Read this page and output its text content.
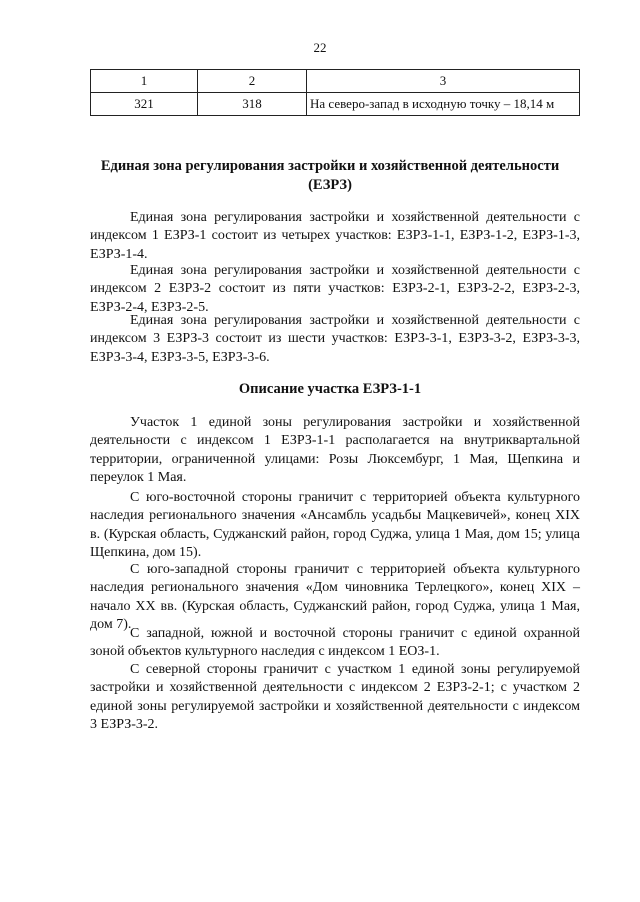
22
1	2	3
321	318	На северо-запад в исходную точку – 18,14 м
Единая зона регулирования застройки и хозяйственной деятельности
(ЕЗРЗ)

Единая зона регулирования застройки и хозяйственной деятельности с индексом 1 ЕЗРЗ-1 состоит из четырех участков: ЕЗРЗ-1-1, ЕЗРЗ-1-2, ЕЗРЗ-1-3, ЕЗРЗ-1-4.

Единая зона регулирования застройки и хозяйственной деятельности с индексом 2 ЕЗРЗ-2 состоит из пяти участков: ЕЗРЗ-2-1, ЕЗРЗ-2-2, ЕЗРЗ-2-3, ЕЗРЗ-2-4, ЕЗРЗ-2-5.

Единая зона регулирования застройки и хозяйственной деятельности с индексом 3 ЕЗРЗ-3 состоит из шести участков: ЕЗРЗ-3-1, ЕЗРЗ-3-2, ЕЗРЗ-3-3, ЕЗРЗ-3-4, ЕЗРЗ-3-5, ЕЗРЗ-3-6.

Описание участка ЕЗРЗ-1-1

Участок 1 единой зоны регулирования застройки и хозяйственной деятельности с индексом 1 ЕЗРЗ-1-1 располагается на внутриквартальной территории, ограниченной улицами: Розы Люксембург, 1 Мая, Щепкина и переулок 1 Мая.

С юго-восточной стороны граничит с территорией объекта культурного наследия регионального значения «Ансамбль усадьбы Мацкевичей», конец XIX в. (Курская область, Суджанский район, город Суджа, улица 1 Мая, дом 15; улица Щепкина, дом 15).

С юго-западной стороны граничит с территорией объекта культурного наследия регионального значения «Дом чиновника Терлецкого», конец XIX – начало XX вв. (Курская область, Суджанский район, город Суджа, улица 1 Мая, дом 7).

С западной, южной и восточной стороны граничит с единой охранной зоной объектов культурного наследия с индексом 1 ЕОЗ-1.

С северной стороны граничит с участком 1 единой зоны регулируемой застройки и хозяйственной деятельности с индексом 2 ЕЗРЗ-2-1; с участком 2 единой зоны регулируемой застройки и хозяйственной деятельности с индексом 3 ЕЗРЗ-3-2.
